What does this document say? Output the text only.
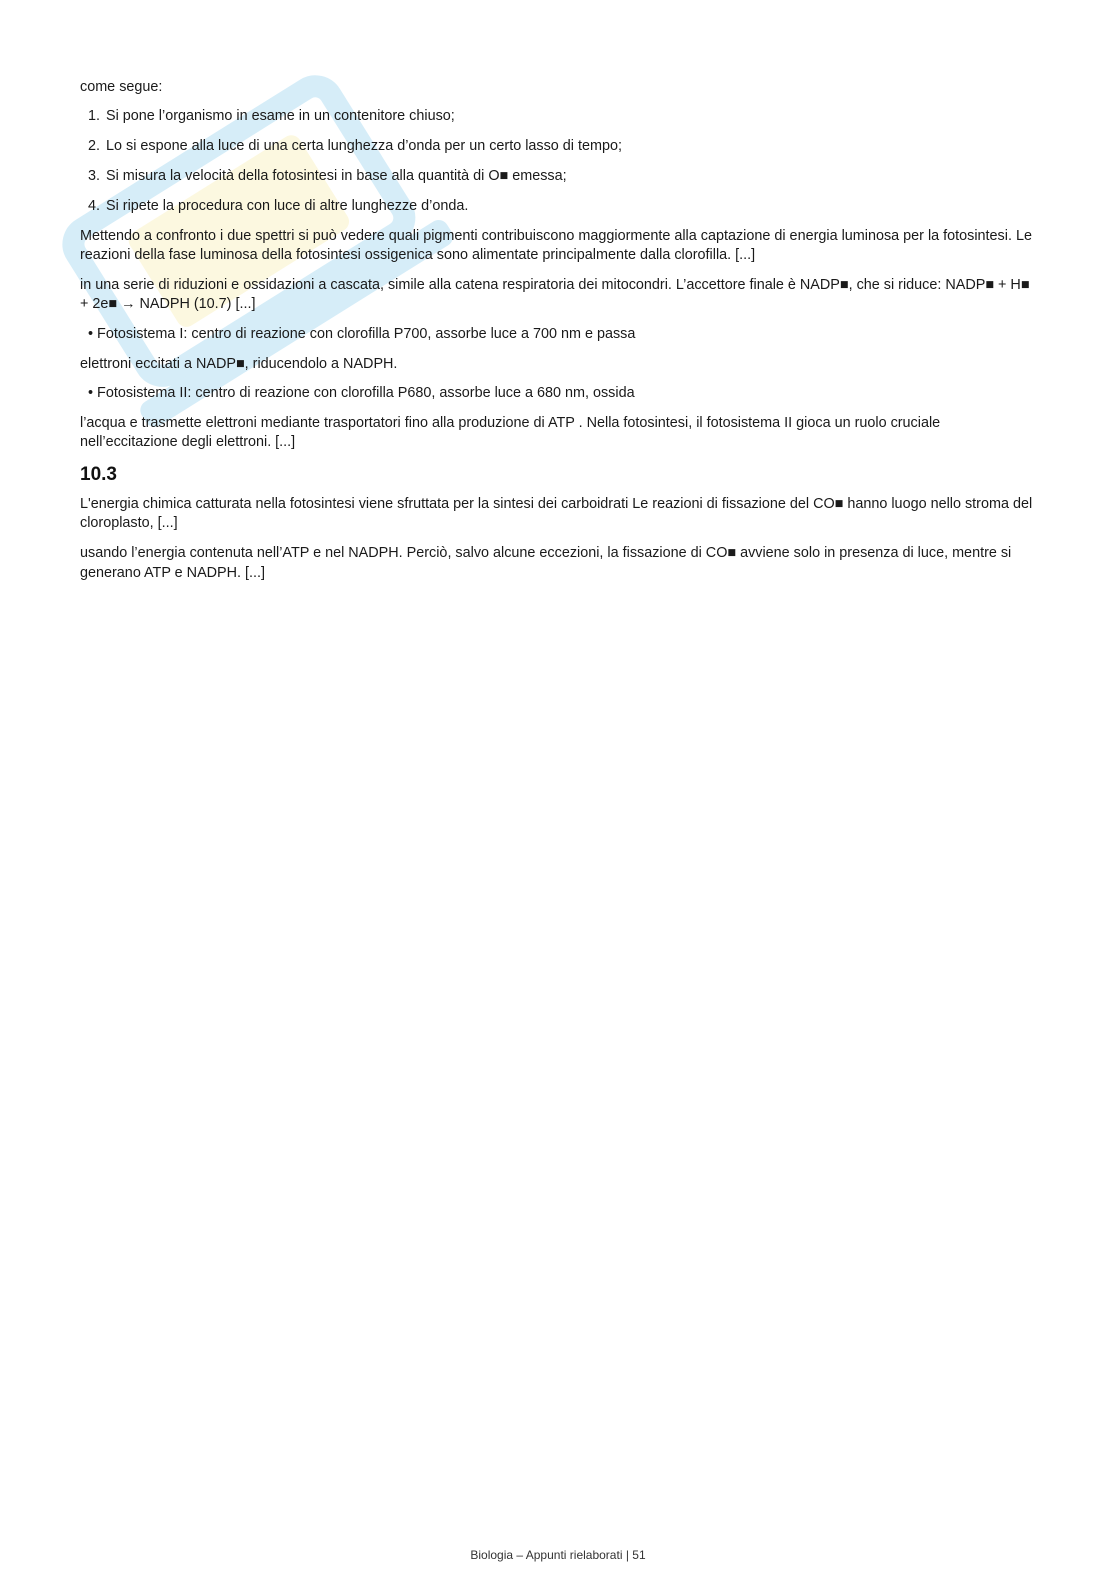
come segue:

1. Si pone l’organismo in esame in un contenitore chiuso;
2. Lo si espone alla luce di una certa lunghezza d’onda per un certo lasso di tempo;
3. Si misura la velocità della fotosintesi in base alla quantità di O■ emessa;
4. Si ripete la procedura con luce di altre lunghezze d’onda.

Mettendo a confronto i due spettri si può vedere quali pigmenti contribuiscono maggiormente alla captazione di energia luminosa per la fotosintesi. Le reazioni della fase luminosa della fotosintesi ossigenica sono alimentate principalmente dalla clorofilla. [...]

in una serie di riduzioni e ossidazioni a cascata, simile alla catena respiratoria dei mitocondri. L’accettore finale è NADP■, che si riduce: NADP■ + H■ + 2e■ → NADPH (10.7) [...]

• Fotosistema I: centro di reazione con clorofilla P700, assorbe luce a 700 nm e passa

elettroni eccitati a NADP■, riducendolo a NADPH.

• Fotosistema II: centro di reazione con clorofilla P680, assorbe luce a 680 nm, ossida

l’acqua e trasmette elettroni mediante trasportatori fino alla produzione di ATP . Nella fotosintesi, il fotosistema II gioca un ruolo cruciale nell’eccitazione degli elettroni. [...]

10.3

L'energia chimica catturata nella fotosintesi viene sfruttata per la sintesi dei carboidrati Le reazioni di fissazione del CO■ hanno luogo nello stroma del cloroplasto, [...]

usando l’energia contenuta nell’ATP e nel NADPH. Perciò, salvo alcune eccezioni, la fissazione di CO■ avviene solo in presenza di luce, mentre si generano ATP e NADPH. [...]

Biologia – Appunti rielaborati | 51
